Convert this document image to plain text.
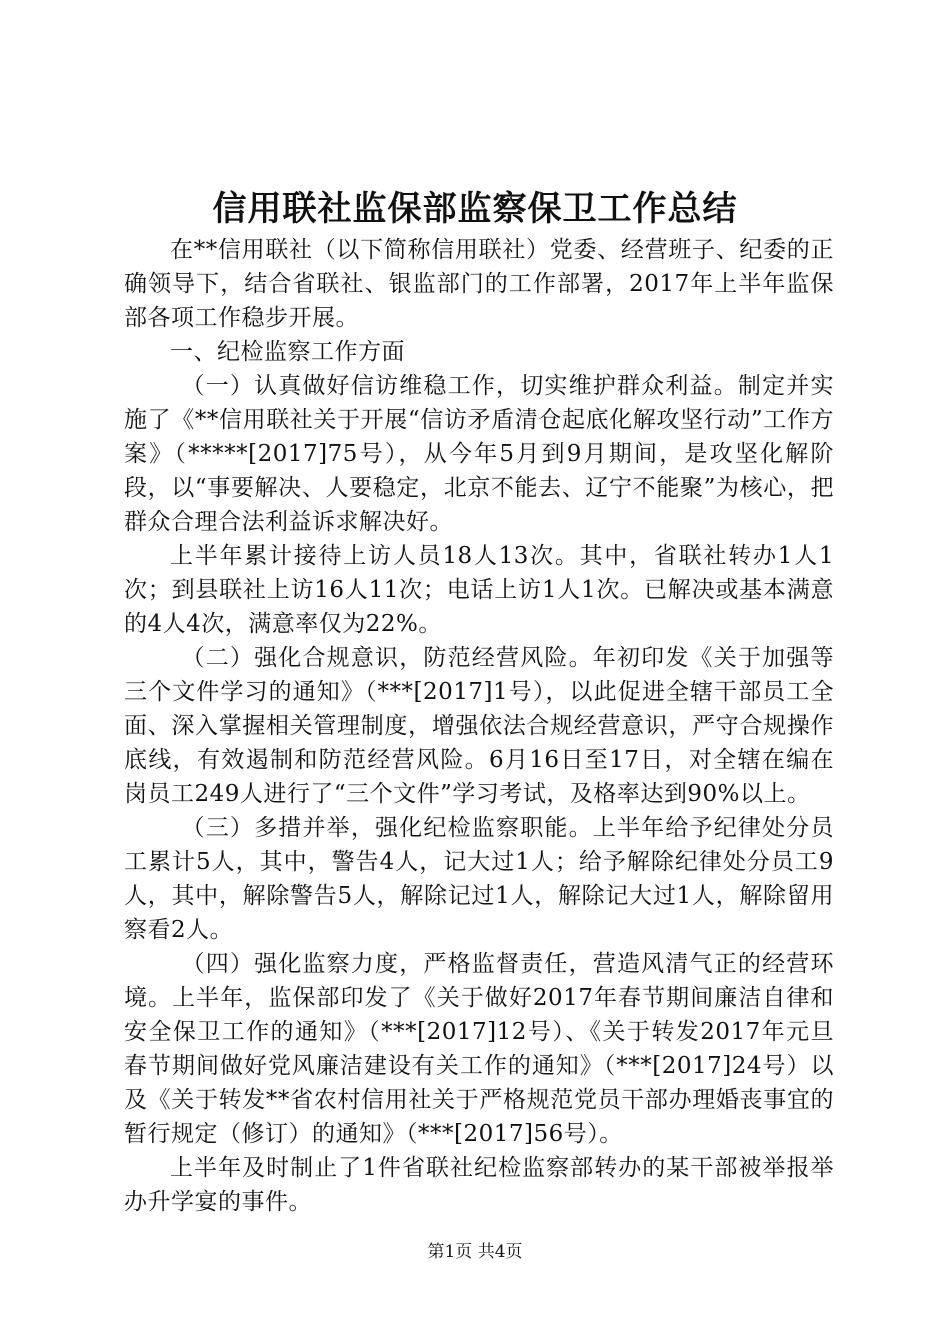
信用联社监保部监察保卫工作总结

在**信用联社（以下简称信用联社）党委、经营班子、纪委的正确领导下，结合省联社、银监部门的工作部署，2017年上半年监保部各项工作稳步开展。

一、纪检监察工作方面

（一）认真做好信访维稳工作，切实维护群众利益。制定并实施了《**信用联社关于开展“信访矛盾清仓起底化解攻坚行动”工作方案》（*****[2017]75号），从今年5月到9月期间，是攻坚化解阶段，以“事要解决、人要稳定，北京不能去、辽宁不能聚”为核心，把群众合理合法利益诉求解决好。

上半年累计接待上访人员18人13次。其中，省联社转办1人1次；到县联社上访16人11次；电话上访1人1次。已解决或基本满意的4人4次，满意率仅为22%。

（二）强化合规意识，防范经营风险。年初印发《关于加强等三个文件学习的通知》（***[2017]1号），以此促进全辖干部员工全面、深入掌握相关管理制度，增强依法合规经营意识，严守合规操作底线，有效遏制和防范经营风险。6月16日至17日，对全辖在编在岗员工249人进行了“三个文件”学习考试，及格率达到90%以上。

（三）多措并举，强化纪检监察职能。上半年给予纪律处分员工累计5人，其中，警告4人，记大过1人；给予解除纪律处分员工9人，其中，解除警告5人，解除记过1人，解除记大过1人，解除留用察看2人。

（四）强化监察力度，严格监督责任，营造风清气正的经营环境。上半年，监保部印发了《关于做好2017年春节期间廉洁自律和安全保卫工作的通知》（***[2017]12号）、《关于转发2017年元旦春节期间做好党风廉洁建设有关工作的通知》（***[2017]24号）以及《关于转发**省农村信用社关于严格规范党员干部办理婚丧事宜的暂行规定（修订）的通知》（***[2017]56号）。

上半年及时制止了1件省联社纪检监察部转办的某干部被举报举办升学宴的事件。

第1页 共4页
